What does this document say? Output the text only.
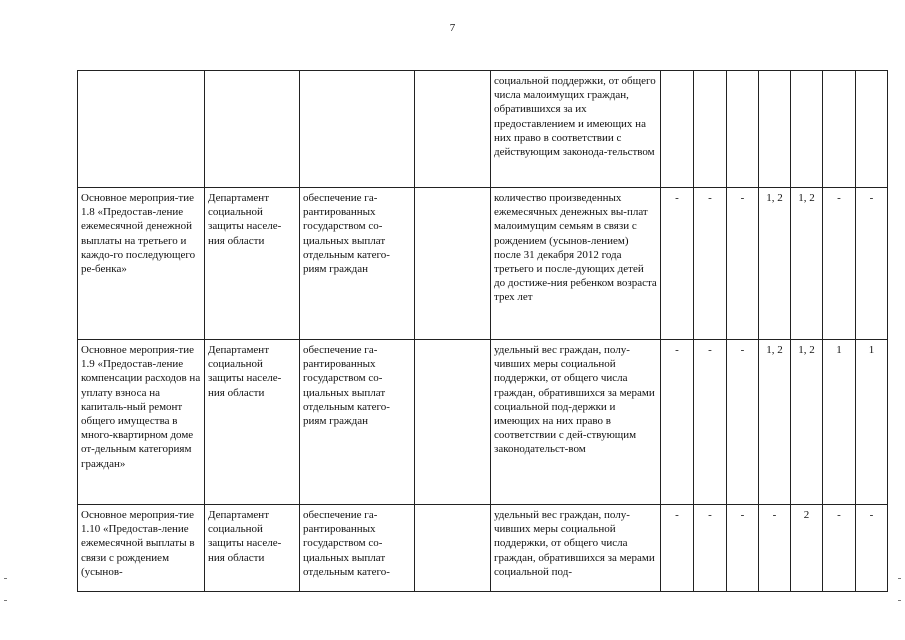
7
				социальной поддержки, от общего числа малоимущих граждан, обратившихся за их предоставлением и имеющих на них право в соответствии с действующим законода-тельством							
Основное мероприя-тие 1.8 «Предостав-ление ежемесячной денежной выплаты на третьего и каждо-го последующего ре-бенка»	Департамент социальной защиты населе-ния области	обеспечение га-рантированных государством со-циальных выплат отдельным катего-риям граждан		количество произведенных ежемесячных денежных вы-плат малоимущим семьям в связи с рождением (усынов-лением) после 31 декабря 2012 года третьего и после-дующих детей до достиже-ния ребенком возраста трех лет	-	-	-	1, 2	1, 2	-	-
Основное мероприя-тие 1.9 «Предостав-ление компенсации расходов на уплату взноса на капиталь-ный ремонт общего имущества в много-квартирном доме от-дельным категориям граждан»	Департамент социальной защиты населе-ния области	обеспечение га-рантированных государством со-циальных выплат отдельным катего-риям граждан		удельный вес граждан, полу-чивших меры социальной поддержки, от общего числа граждан, обратившихся за мерами социальной под-держки и имеющих на них право в соответствии с дей-ствующим законодательст-вом	-	-	-	1, 2	1, 2	1	1
Основное мероприя-тие 1.10 «Предостав-ление ежемесячной выплаты в связи с рождением (усынов-	Департамент социальной защиты населе-ния области	обеспечение га-рантированных государством со-циальных выплат отдельным катего-		удельный вес граждан, полу-чивших меры социальной поддержки, от общего числа граждан, обратившихся за мерами социальной под-	-	-	-	-	2	-	-
